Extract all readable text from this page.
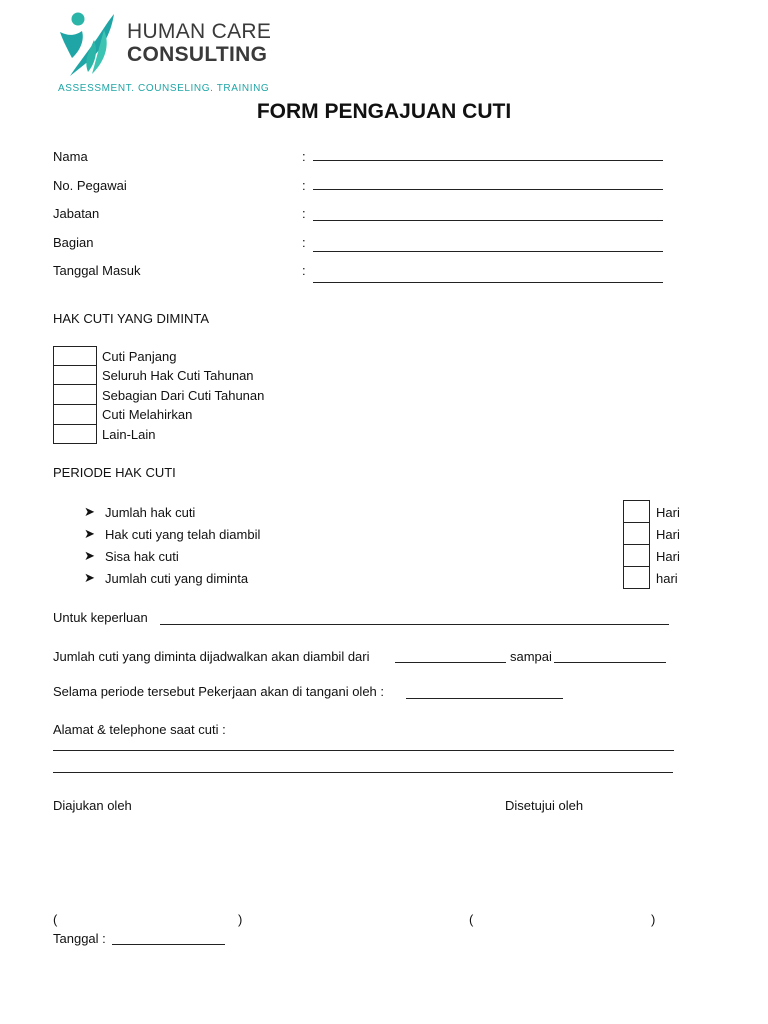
HUMAN CARE
CONSULTING
ASSESSMENT. COUNSELING. TRAINING
FORM PENGAJUAN CUTI
Nama	:
No. Pegawai	:
Jabatan	:
Bagian	:
Tanggal Masuk	:
HAK CUTI YANG DIMINTA
Cuti Panjang
Seluruh Hak Cuti Tahunan
Sebagian Dari Cuti Tahunan
Cuti Melahirkan
Lain-Lain
PERIODE HAK CUTI
➤ Jumlah hak cuti	Hari
➤ Hak cuti yang telah diambil	Hari
➤ Sisa hak cuti	Hari
➤ Jumlah cuti yang diminta	hari
Untuk keperluan
Jumlah cuti yang diminta dijadwalkan akan diambil dari	sampai
Selama periode tersebut Pekerjaan akan di tangani oleh :
Alamat & telephone saat cuti :
Diajukan oleh	Disetujui oleh
(	)	(	)
Tanggal :
